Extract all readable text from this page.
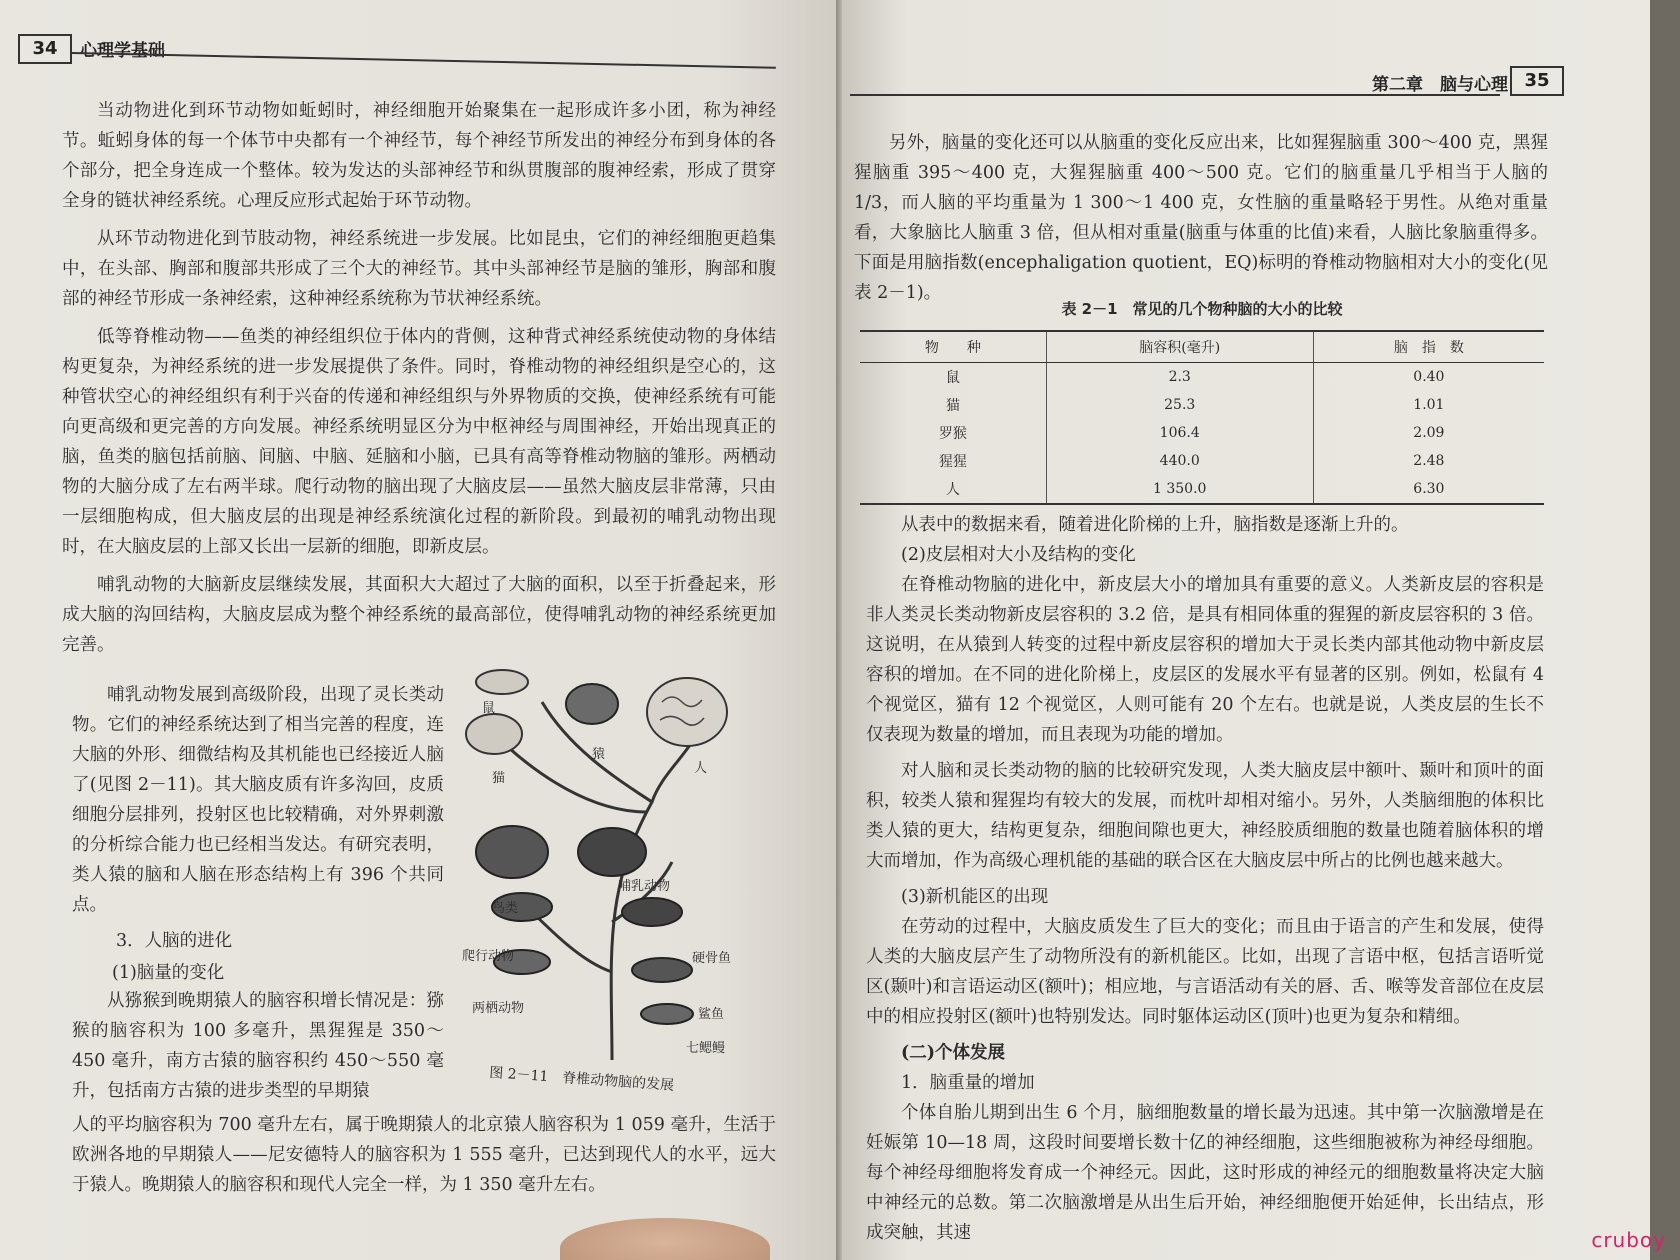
34	心理学基础

当动物进化到环节动物如蚯蚓时，神经细胞开始聚集在一起形成许多小团，称为神经节。蚯蚓身体的每一个体节中央都有一个神经节，每个神经节所发出的神经分布到身体的各个部分，把全身连成一个整体。较为发达的头部神经节和纵贯腹部的腹神经索，形成了贯穿全身的链状神经系统。心理反应形式起始于环节动物。

从环节动物进化到节肢动物，神经系统进一步发展。比如昆虫，它们的神经细胞更趋集中，在头部、胸部和腹部共形成了三个大的神经节。其中头部神经节是脑的雏形，胸部和腹部的神经节形成一条神经索，这种神经系统称为节状神经系统。

低等脊椎动物——鱼类的神经组织位于体内的背侧，这种背式神经系统使动物的身体结构更复杂，为神经系统的进一步发展提供了条件。同时，脊椎动物的神经组织是空心的，这种管状空心的神经组织有利于兴奋的传递和神经组织与外界物质的交换，使神经系统有可能向更高级和更完善的方向发展。神经系统明显区分为中枢神经与周围神经，开始出现真正的脑，鱼类的脑包括前脑、间脑、中脑、延脑和小脑，已具有高等脊椎动物脑的雏形。两栖动物的大脑分成了左右两半球。爬行动物的脑出现了大脑皮层——虽然大脑皮层非常薄，只由一层细胞构成，但大脑皮层的出现是神经系统演化过程的新阶段。到最初的哺乳动物出现时，在大脑皮层的上部又长出一层新的细胞，即新皮层。

哺乳动物的大脑新皮层继续发展，其面积大大超过了大脑的面积，以至于折叠起来，形成大脑的沟回结构，大脑皮层成为整个神经系统的最高部位，使得哺乳动物的神经系统更加完善。

哺乳动物发展到高级阶段，出现了灵长类动物。它们的神经系统达到了相当完善的程度，连大脑的外形、细微结构及其机能也已经接近人脑了(见图 2－11)。其大脑皮质有许多沟回，皮质细胞分层排列，投射区也比较精确，对外界刺激的分析综合能力也已经相当发达。有研究表明，类人猿的脑和人脑在形态结构上有 396 个共同点。

3．人脑的进化
(1)脑量的变化

从猕猴到晚期猿人的脑容积增长情况是：猕猴的脑容积为 100 多毫升，黑猩猩是 350～450 毫升，南方古猿的脑容积约 450～550 毫升，包括南方古猿的进步类型的早期猿

人的平均脑容积为 700 毫升左右，属于晚期猿人的北京猿人脑容积为 1 059 毫升，生活于欧洲各地的早期猿人——尼安德特人的脑容积为 1 555 毫升，已达到现代人的水平，远大于猿人。晚期猿人的脑容积和现代人完全一样，为 1 350 毫升左右。

鼠
猿
人
猫
哺乳动物
鸟类
爬行动物	硬骨鱼
两栖动物	鲨鱼
七鳃鳗
图 2－11　脊椎动物脑的发展
第二章　脑与心理 35

另外，脑量的变化还可以从脑重的变化反应出来，比如猩猩脑重 300～400 克，黑猩猩脑重 395～400 克，大猩猩脑重 400～500 克。它们的脑重量几乎相当于人脑的 1/3，而人脑的平均重量为 1 300～1 400 克，女性脑的重量略轻于男性。从绝对重量看，大象脑比人脑重 3 倍，但从相对重量(脑重与体重的比值)来看，人脑比象脑重得多。下面是用脑指数(encephaligation quotient，EQ)标明的脊椎动物脑相对大小的变化(见表 2－1)。

表 2－1　常见的几个物种脑的大小的比较
物　　种	脑容积(毫升)	脑　指　数
鼠	2.3	0.40
猫	25.3	1.01
罗猴	106.4	2.09
猩猩	440.0	2.48
人	1 350.0	6.30

从表中的数据来看，随着进化阶梯的上升，脑指数是逐渐上升的。

(2)皮层相对大小及结构的变化

在脊椎动物脑的进化中，新皮层大小的增加具有重要的意义。人类新皮层的容积是非人类灵长类动物新皮层容积的 3.2 倍，是具有相同体重的猩猩的新皮层容积的 3 倍。这说明，在从猿到人转变的过程中新皮层容积的增加大于灵长类内部其他动物中新皮层容积的增加。在不同的进化阶梯上，皮层区的发展水平有显著的区别。例如，松鼠有 4 个视觉区，猫有 12 个视觉区，人则可能有 20 个左右。也就是说，人类皮层的生长不仅表现为数量的增加，而且表现为功能的增加。

对人脑和灵长类动物的脑的比较研究发现，人类大脑皮层中额叶、颞叶和顶叶的面积，较类人猿和猩猩均有较大的发展，而枕叶却相对缩小。另外，人类脑细胞的体积比类人猿的更大，结构更复杂，细胞间隙也更大，神经胶质细胞的数量也随着脑体积的增大而增加，作为高级心理机能的基础的联合区在大脑皮层中所占的比例也越来越大。

(3)新机能区的出现

在劳动的过程中，大脑皮质发生了巨大的变化；而且由于语言的产生和发展，使得人类的大脑皮层产生了动物所没有的新机能区。比如，出现了言语中枢，包括言语听觉区(颞叶)和言语运动区(额叶)；相应地，与言语活动有关的唇、舌、喉等发音部位在皮层中的相应投射区(额叶)也特别发达。同时躯体运动区(顶叶)也更为复杂和精细。

(二)个体发展

1．脑重量的增加

个体自胎儿期到出生 6 个月，脑细胞数量的增长最为迅速。其中第一次脑激增是在妊娠第 10—18 周，这段时间要增长数十亿的神经细胞，这些细胞被称为神经母细胞。每个神经母细胞将发育成一个神经元。因此，这时形成的神经元的细胞数量将决定大脑中神经元的总数。第二次脑激增是从出生后开始，神经细胞便开始延伸，长出结点，形成突触，其速	cruboy
